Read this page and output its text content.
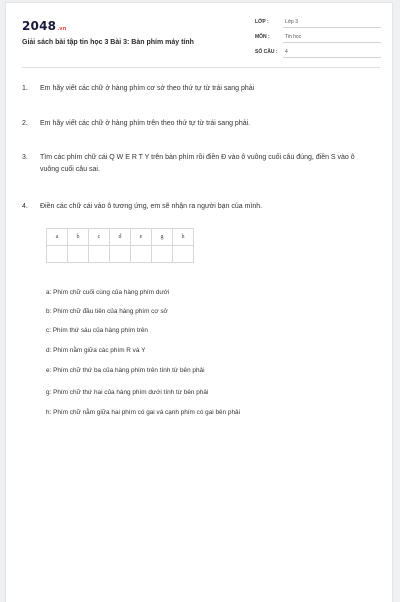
2048.vn
Giải sách bài tập tin học 3 Bài 3: Bàn phím máy tính
LỚP :	Lớp 3
MÔN :	Tin học
SỐ CÂU : 4
1.	Em hãy viết các chữ ở hàng phím cơ sở theo thứ tự từ trái sang phải
2.	Em hãy viết các chữ ở hàng phím trên theo thứ tự từ trái sang phải.
3.	Tìm các phím chữ cái Q W E R T Y trên bàn phím rồi điền Đ vào ô vuông cuối câu đúng, điền S vào ô vuông cuối câu sai.
4.	Điền các chữ cái vào ô tương ứng, em sẽ nhận ra người bạn của mình.
a	b	c	d	e	g	h

a: Phím chữ cuối cùng của hàng phím dưới
b: Phím chữ đầu tiên của hàng phím cơ sở
c: Phím thứ sáu của hàng phím trên
d: Phím nằm giữa các phím R và Y
e: Phím chữ thứ ba của hàng phím trên tính từ bên phải
g: Phím chữ thứ hai của hàng phím dưới tính từ bên phải
h: Phím chữ nằm giữa hai phím có gai và cạnh phím có gai bên phải
